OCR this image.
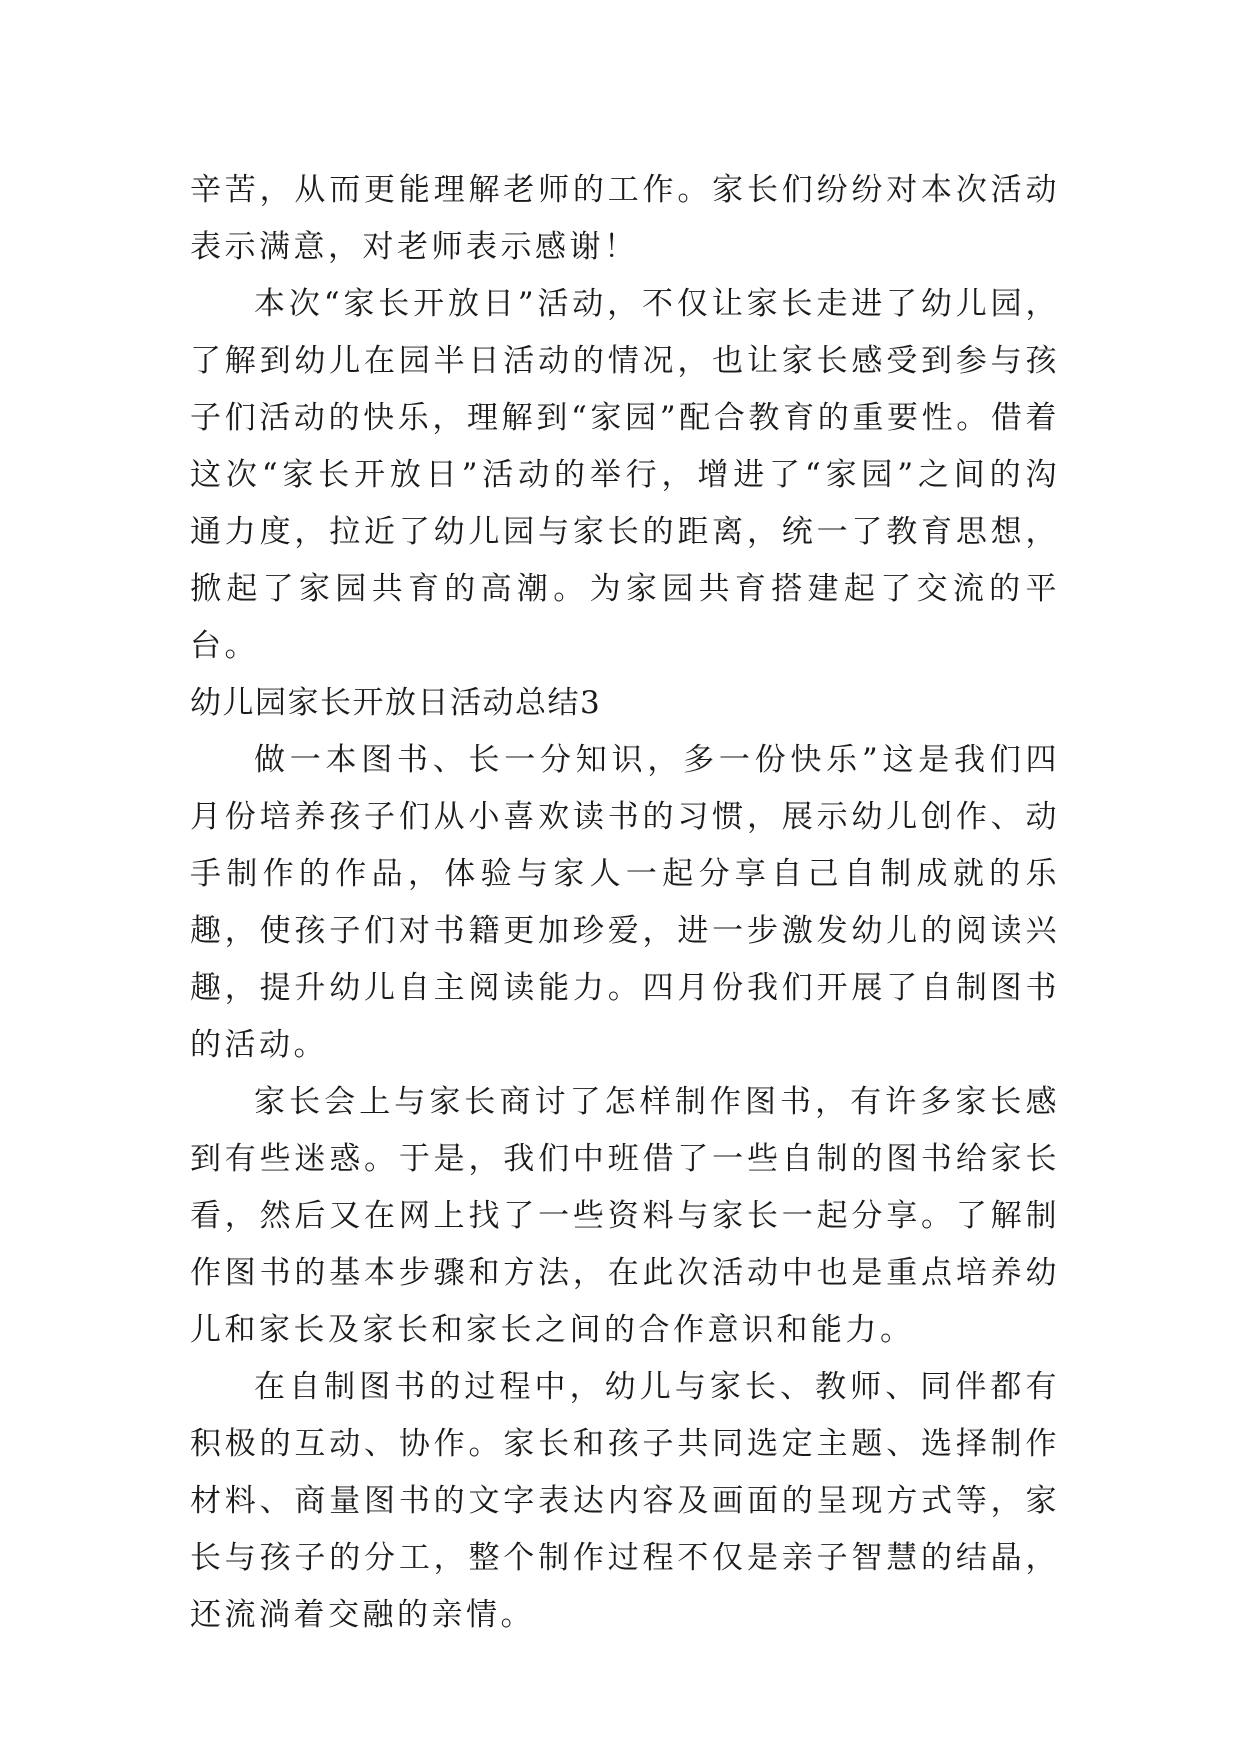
辛苦，从而更能理解老师的工作。家长们纷纷对本次活动表示满意，对老师表示感谢！

本次“家长开放日”活动，不仅让家长走进了幼儿园，了解到幼儿在园半日活动的情况，也让家长感受到参与孩子们活动的快乐，理解到“家园”配合教育的重要性。借着这次“家长开放日”活动的举行，增进了“家园”之间的沟通力度，拉近了幼儿园与家长的距离，统一了教育思想，掀起了家园共育的高潮。为家园共育搭建起了交流的平台。

幼儿园家长开放日活动总结3

做一本图书、长一分知识，多一份快乐”这是我们四月份培养孩子们从小喜欢读书的习惯，展示幼儿创作、动手制作的作品，体验与家人一起分享自己自制成就的乐趣，使孩子们对书籍更加珍爱，进一步激发幼儿的阅读兴趣，提升幼儿自主阅读能力。四月份我们开展了自制图书的活动。

家长会上与家长商讨了怎样制作图书，有许多家长感到有些迷惑。于是，我们中班借了一些自制的图书给家长看，然后又在网上找了一些资料与家长一起分享。了解制作图书的基本步骤和方法，在此次活动中也是重点培养幼儿和家长及家长和家长之间的合作意识和能力。

在自制图书的过程中，幼儿与家长、教师、同伴都有积极的互动、协作。家长和孩子共同选定主题、选择制作材料、商量图书的文字表达内容及画面的呈现方式等，家长与孩子的分工，整个制作过程不仅是亲子智慧的结晶，还流淌着交融的亲情。
